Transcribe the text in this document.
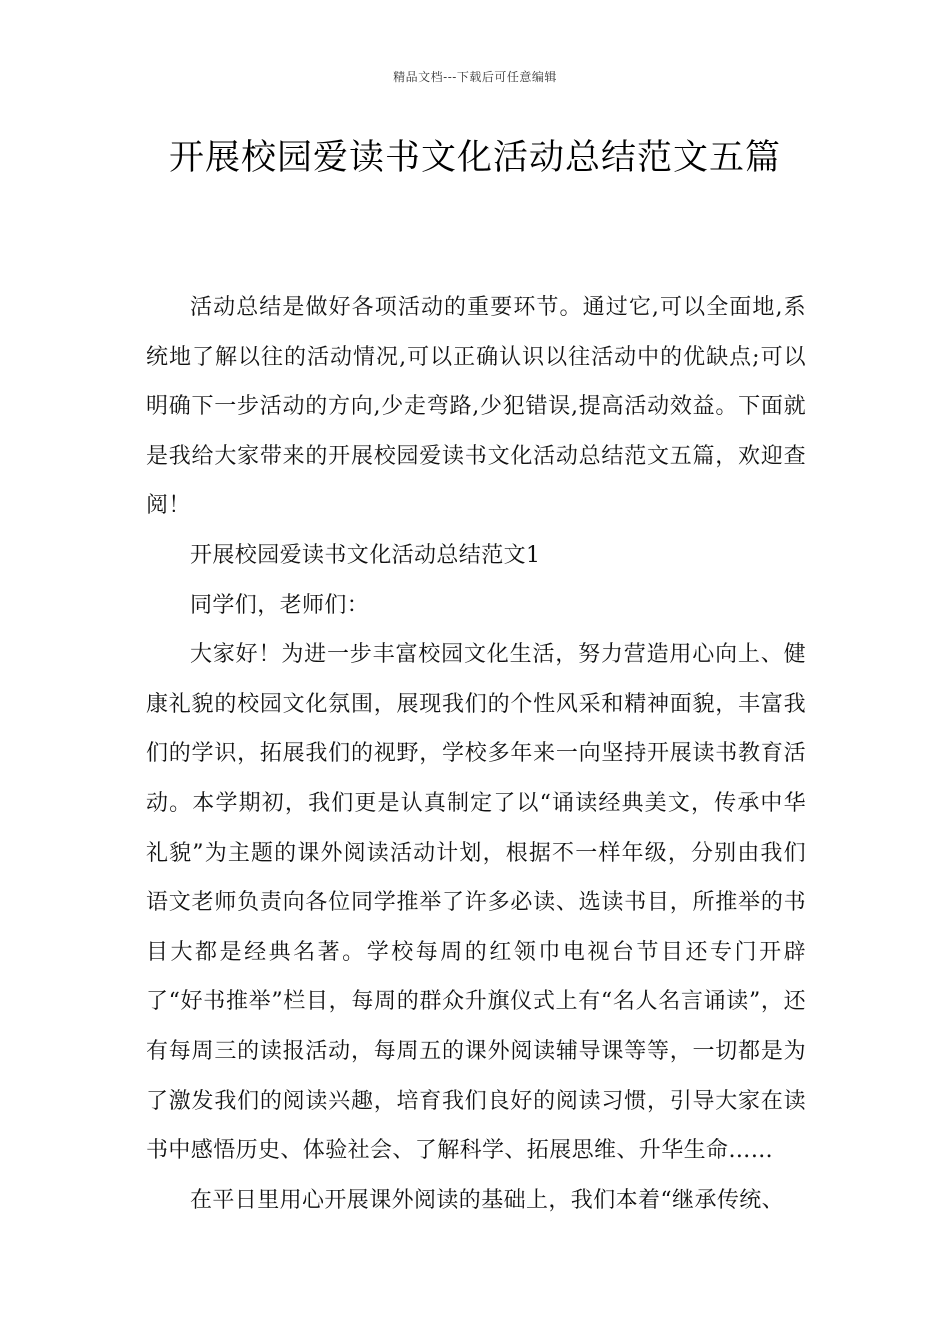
精品文档---下载后可任意编辑
开展校园爱读书文化活动总结范文五篇

活动总结是做好各项活动的重要环节。通过它,可以全面地,系统地了解以往的活动情况,可以正确认识以往活动中的优缺点;可以明确下一步活动的方向,少走弯路,少犯错误,提高活动效益。下面就是我给大家带来的开展校园爱读书文化活动总结范文五篇，欢迎查阅！

开展校园爱读书文化活动总结范文1

同学们，老师们：

大家好！为进一步丰富校园文化生活，努力营造用心向上、健康礼貌的校园文化氛围，展现我们的个性风采和精神面貌，丰富我们的学识，拓展我们的视野，学校多年来一向坚持开展读书教育活动。本学期初，我们更是认真制定了以“诵读经典美文，传承中华礼貌”为主题的课外阅读活动计划，根据不一样年级，分别由我们语文老师负责向各位同学推举了许多必读、选读书目，所推举的书目大都是经典名著。学校每周的红领巾电视台节目还专门开辟了“好书推举”栏目，每周的群众升旗仪式上有“名人名言诵读”，还有每周三的读报活动，每周五的课外阅读辅导课等等，一切都是为了激发我们的阅读兴趣，培育我们良好的阅读习惯，引导大家在读书中感悟历史、体验社会、了解科学、拓展思维、升华生命……

在平日里用心开展课外阅读的基础上，我们本着“继承传统、
